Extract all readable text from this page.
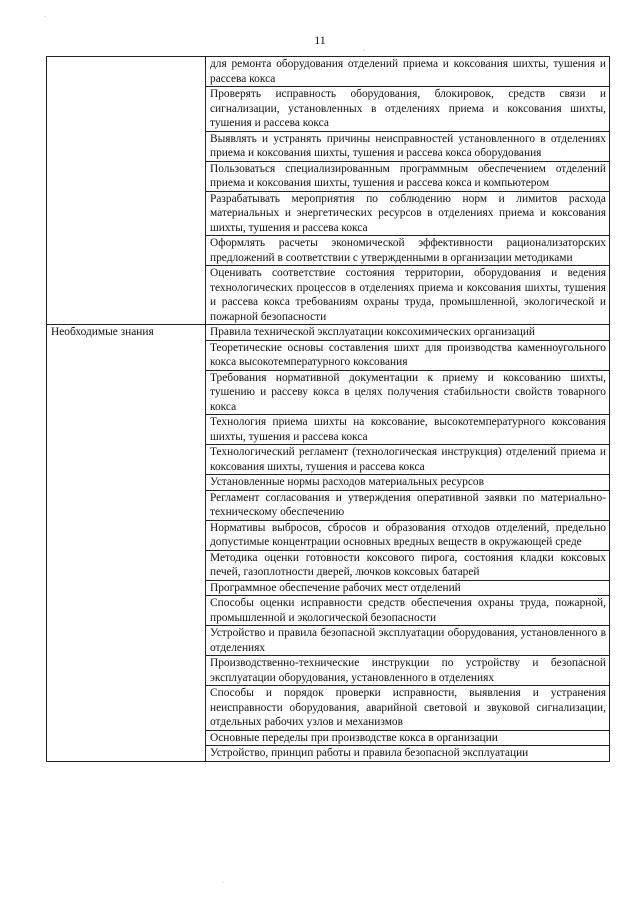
11
	для ремонта оборудования отделений приема и коксования шихты, тушения и рассева кокса
	Проверять исправность оборудования, блокировок, средств связи и сигнализации, установленных в отделениях приема и коксования шихты, тушения и рассева кокса
	Выявлять и устранять причины неисправностей установленного в отделениях приема и коксования шихты, тушения и рассева кокса оборудования
	Пользоваться специализированным программным обеспечением отделений приема и коксования шихты, тушения и рассева кокса и компьютером
	Разрабатывать мероприятия по соблюдению норм и лимитов расхода материальных и энергетических ресурсов в отделениях приема и коксования шихты, тушения и рассева кокса
	Оформлять расчеты экономической эффективности рационализаторских предложений в соответствии с утвержденными в организации методиками
	Оценивать соответствие состояния территории, оборудования и ведения технологических процессов в отделениях приема и коксования шихты, тушения и рассева кокса требованиям охраны труда, промышленной, экологической и пожарной безопасности
Необходимые знания	Правила технической эксплуатации коксохимических организаций
	Теоретические основы составления шихт для производства каменноугольного кокса высокотемпературного коксования
	Требования нормативной документации к приему и коксованию шихты, тушению и рассеву кокса в целях получения стабильности свойств товарного кокса
	Технология приема шихты на коксование, высокотемпературного коксования шихты, тушения и рассева кокса
	Технологический регламент (технологическая инструкция) отделений приема и коксования шихты, тушения и рассева кокса
	Установленные нормы расходов материальных ресурсов
	Регламент согласования и утверждения оперативной заявки по материально-техническому обеспечению
	Нормативы выбросов, сбросов и образования отходов отделений, предельно допустимые концентрации основных вредных веществ в окружающей среде
	Методика оценки готовности коксового пирога, состояния кладки коксовых печей, газоплотности дверей, лючков коксовых батарей
	Программное обеспечение рабочих мест отделений
	Способы оценки исправности средств обеспечения охраны труда, пожарной, промышленной и экологической безопасности
	Устройство и правила безопасной эксплуатации оборудования, установленного в отделениях
	Производственно-технические инструкции по устройству и безопасной эксплуатации оборудования, установленного в отделениях
	Способы и порядок проверки исправности, выявления и устранения неисправности оборудования, аварийной световой и звуковой сигнализации, отдельных рабочих узлов и механизмов
	Основные переделы при производстве кокса в организации
	Устройство, принцип работы и правила безопасной эксплуатации
·
·
·
